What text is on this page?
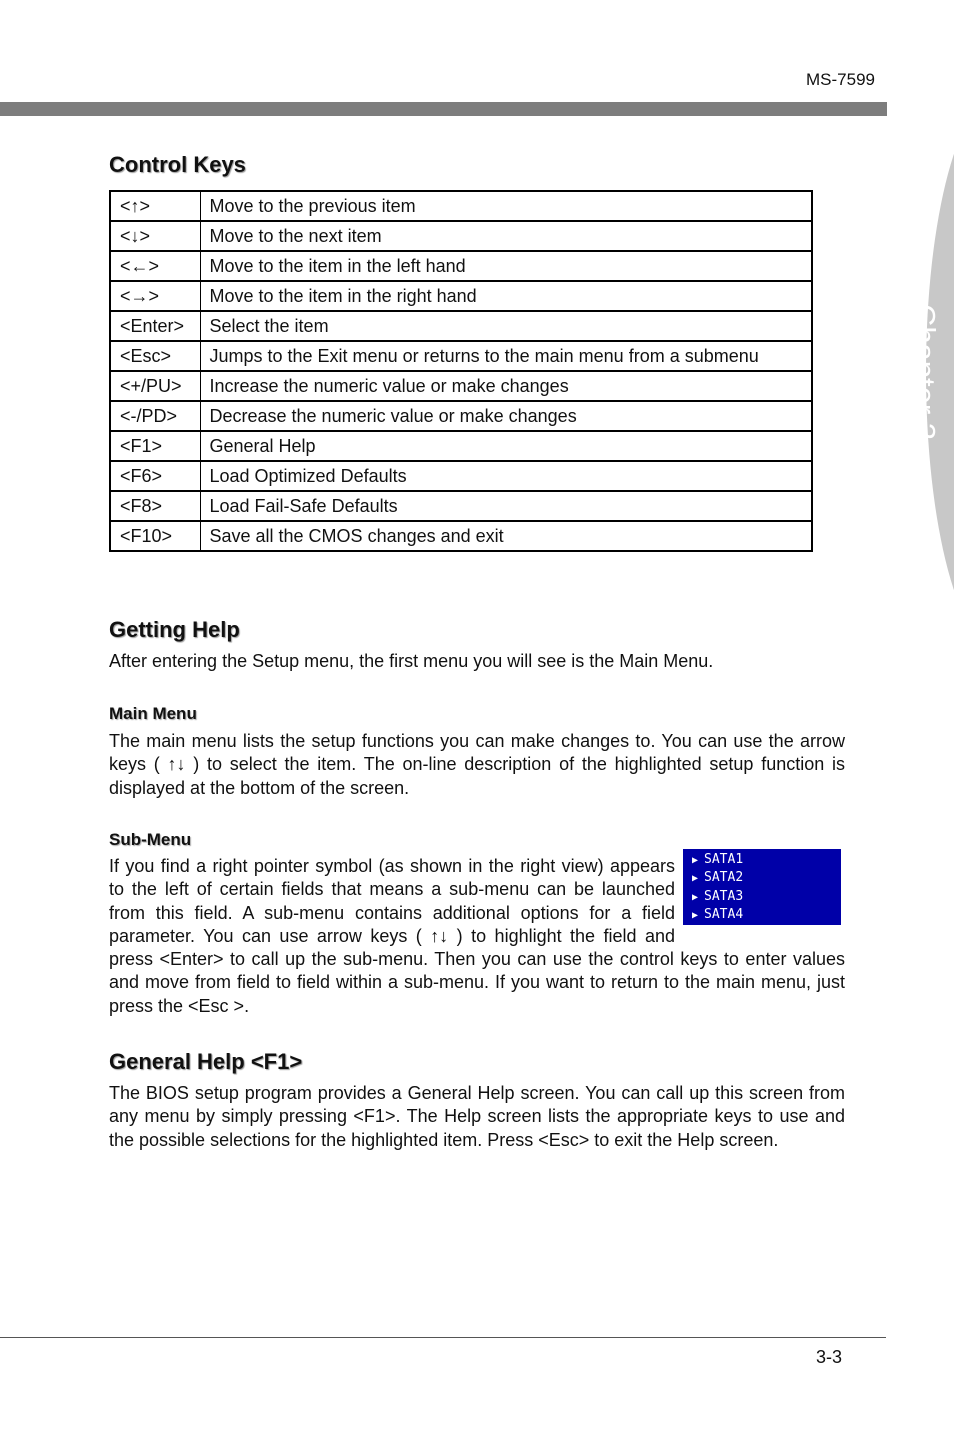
MS-7599
Chapter 3
Control Keys
<↑>	Move to the previous item
<↓>	Move to the next item
<←>	Move to the item in the left hand
<→>	Move to the item in the right hand
<Enter>	Select the item
<Esc>	Jumps to the Exit menu or returns to the main menu from a submenu
<+/PU>	Increase the numeric value or make changes
<-/PD>	Decrease the numeric value or make changes
<F1>	General Help
<F6>	Load Optimized Defaults
<F8>	Load Fail-Safe Defaults
<F10>	Save all the CMOS changes and exit
Getting Help

After entering the Setup menu, the first menu you will see is the Main Menu.

Main Menu

The main menu lists the setup functions you can make changes to. You can use the arrow keys ( ↑↓ ) to select the item. The on-line description of the highlighted setup function is displayed at the bottom of the screen.

Sub-Menu
▶ SATA1
▶ SATA2
▶ SATA3
▶ SATA4
If you find a right pointer symbol (as shown in the right view) appears to the left of certain fields that means a sub-menu can be launched from this field. A sub-menu contains additional options for a field parameter. You can use arrow keys ( ↑↓ ) to highlight the field and press <Enter> to call up the sub-menu. Then you can use the control keys to enter values and move from field to field within a sub-menu. If you want to return to the main menu, just press the <Esc >.
General Help <F1>

The BIOS setup program provides a General Help screen. You can call up this screen from any menu by simply pressing <F1>. The Help screen lists the appropriate keys to use and the possible selections for the highlighted item. Press <Esc> to exit the Help screen.

3-3
